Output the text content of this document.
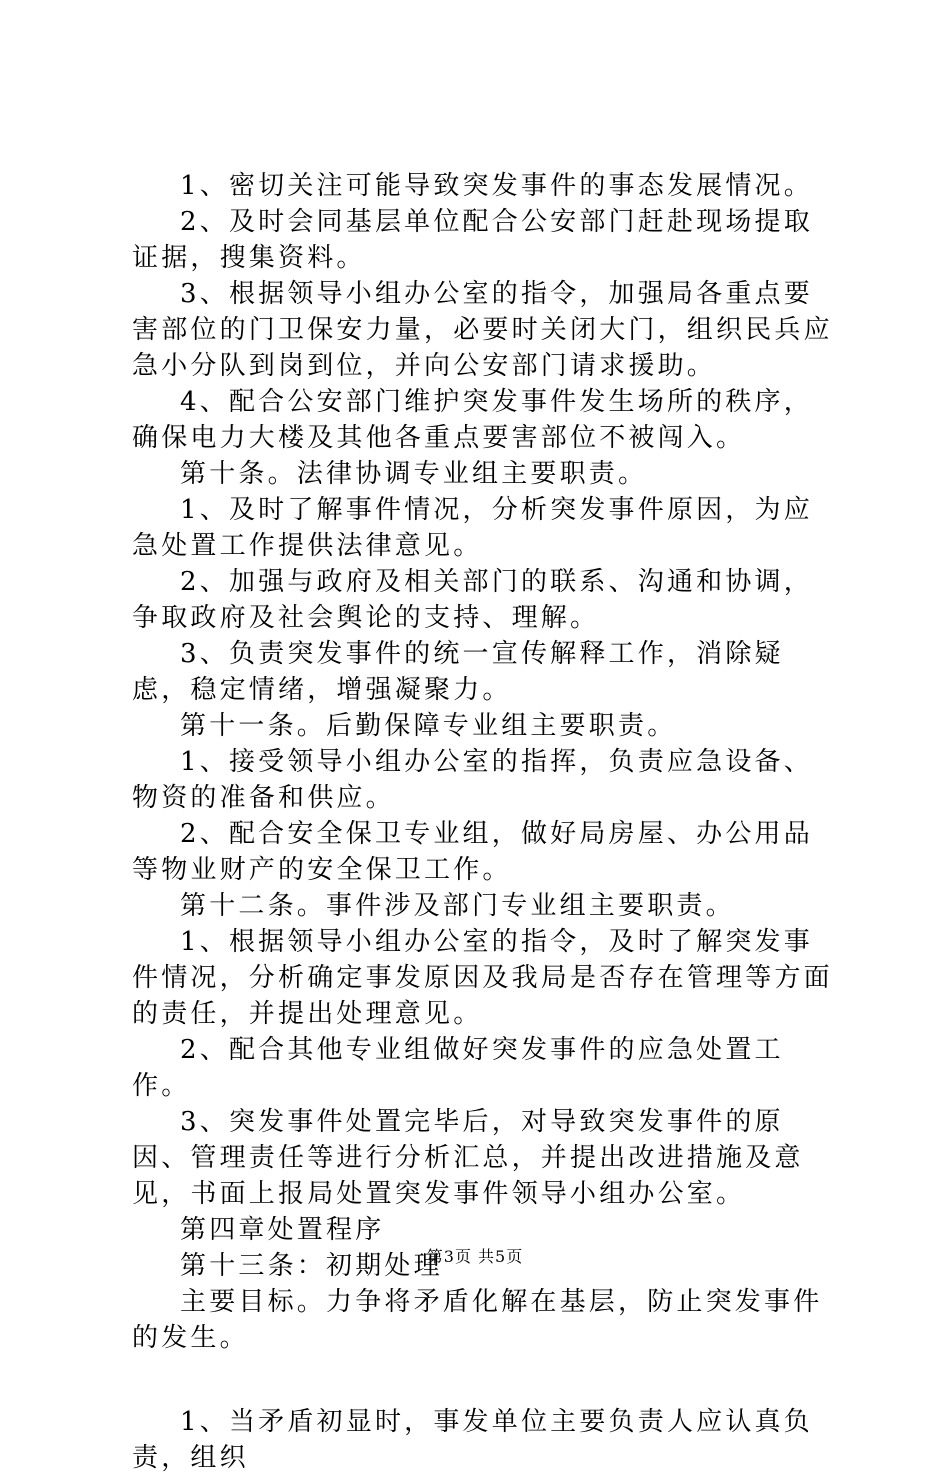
1、密切关注可能导致突发事件的事态发展情况。

2、及时会同基层单位配合公安部门赶赴现场提取证据，搜集资料。

3、根据领导小组办公室的指令，加强局各重点要害部位的门卫保安力量，必要时关闭大门，组织民兵应急小分队到岗到位，并向公安部门请求援助。

4、配合公安部门维护突发事件发生场所的秩序，确保电力大楼及其他各重点要害部位不被闯入。

第十条。法律协调专业组主要职责。

1、及时了解事件情况，分析突发事件原因，为应急处置工作提供法律意见。

2、加强与政府及相关部门的联系、沟通和协调，争取政府及社会舆论的支持、理解。

3、负责突发事件的统一宣传解释工作，消除疑虑，稳定情绪，增强凝聚力。

第十一条。后勤保障专业组主要职责。

1、接受领导小组办公室的指挥，负责应急设备、物资的准备和供应。

2、配合安全保卫专业组，做好局房屋、办公用品等物业财产的安全保卫工作。

第十二条。事件涉及部门专业组主要职责。

1、根据领导小组办公室的指令，及时了解突发事件情况，分析确定事发原因及我局是否存在管理等方面的责任，并提出处理意见。

2、配合其他专业组做好突发事件的应急处置工作。

3、突发事件处置完毕后，对导致突发事件的原因、管理责任等进行分析汇总，并提出改进措施及意见，书面上报局处置突发事件领导小组办公室。

第四章处置程序

第十三条：初期处理

主要目标。力争将矛盾化解在基层，防止突发事件的发生。

1、当矛盾初显时，事发单位主要负责人应认真负责，组织

第3页 共5页
